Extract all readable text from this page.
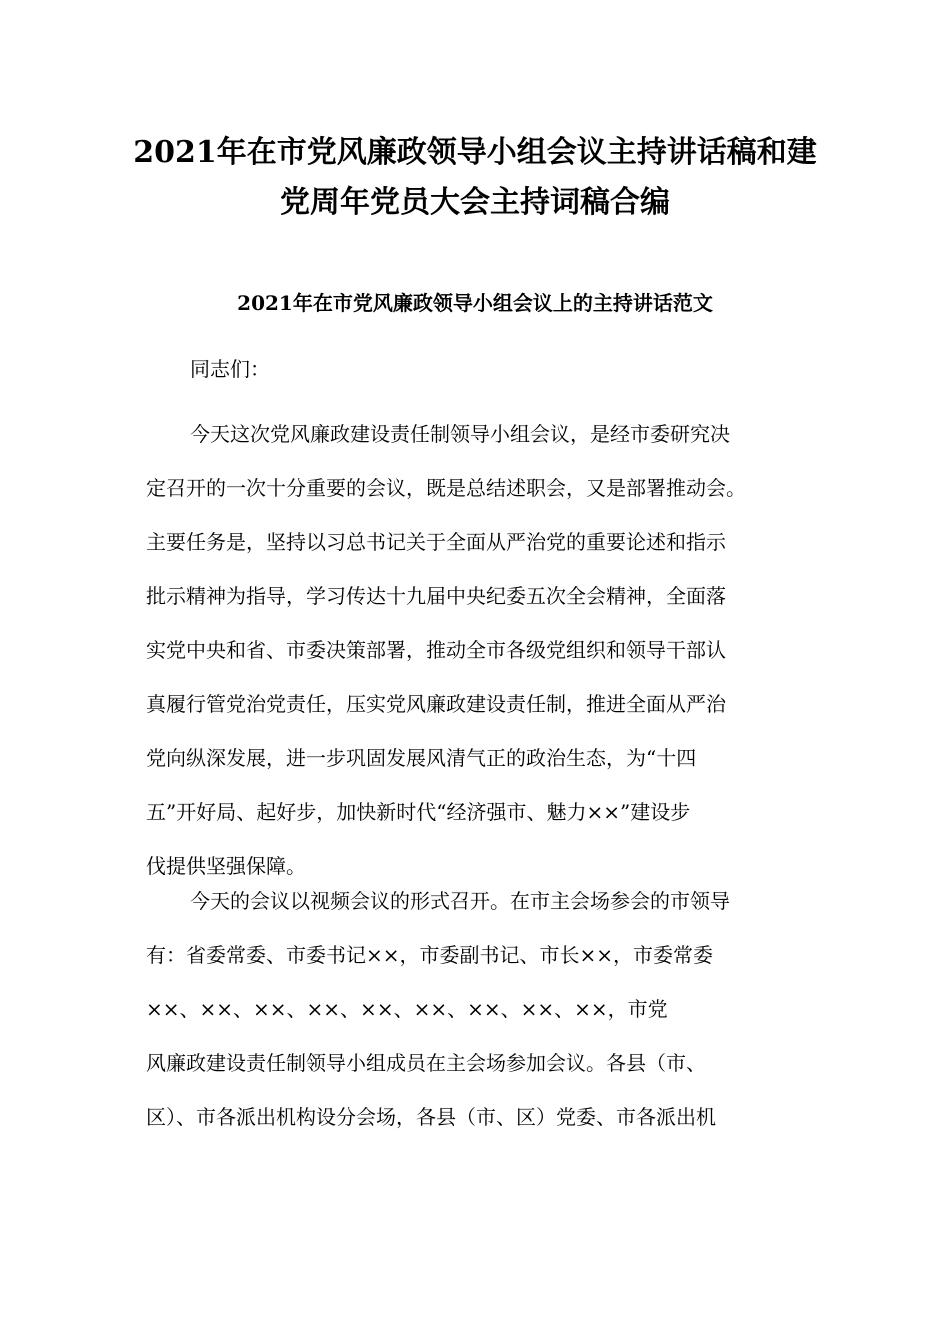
2021年在市党风廉政领导小组会议主持讲话稿和建
党周年党员大会主持词稿合编
2021年在市党风廉政领导小组会议上的主持讲话范文

同志们：

今天这次党风廉政建设责任制领导小组会议，是经市委研究决
定召开的一次十分重要的会议，既是总结述职会，又是部署推动会。
主要任务是，坚持以习总书记关于全面从严治党的重要论述和指示
批示精神为指导，学习传达十九届中央纪委五次全会精神，全面落
实党中央和省、市委决策部署，推动全市各级党组织和领导干部认
真履行管党治党责任，压实党风廉政建设责任制，推进全面从严治
党向纵深发展，进一步巩固发展风清气正的政治生态，为“十四
五”开好局、起好步，加快新时代“经济强市、魅力××”建设步
伐提供坚强保障。

今天的会议以视频会议的形式召开。在市主会场参会的市领导
有：省委常委、市委书记××，市委副书记、市长××，市委常委
××、××、××、××、××、××、××、××、××，市党
风廉政建设责任制领导小组成员在主会场参加会议。各县（市、
区）、市各派出机构设分会场，各县（市、区）党委、市各派出机
